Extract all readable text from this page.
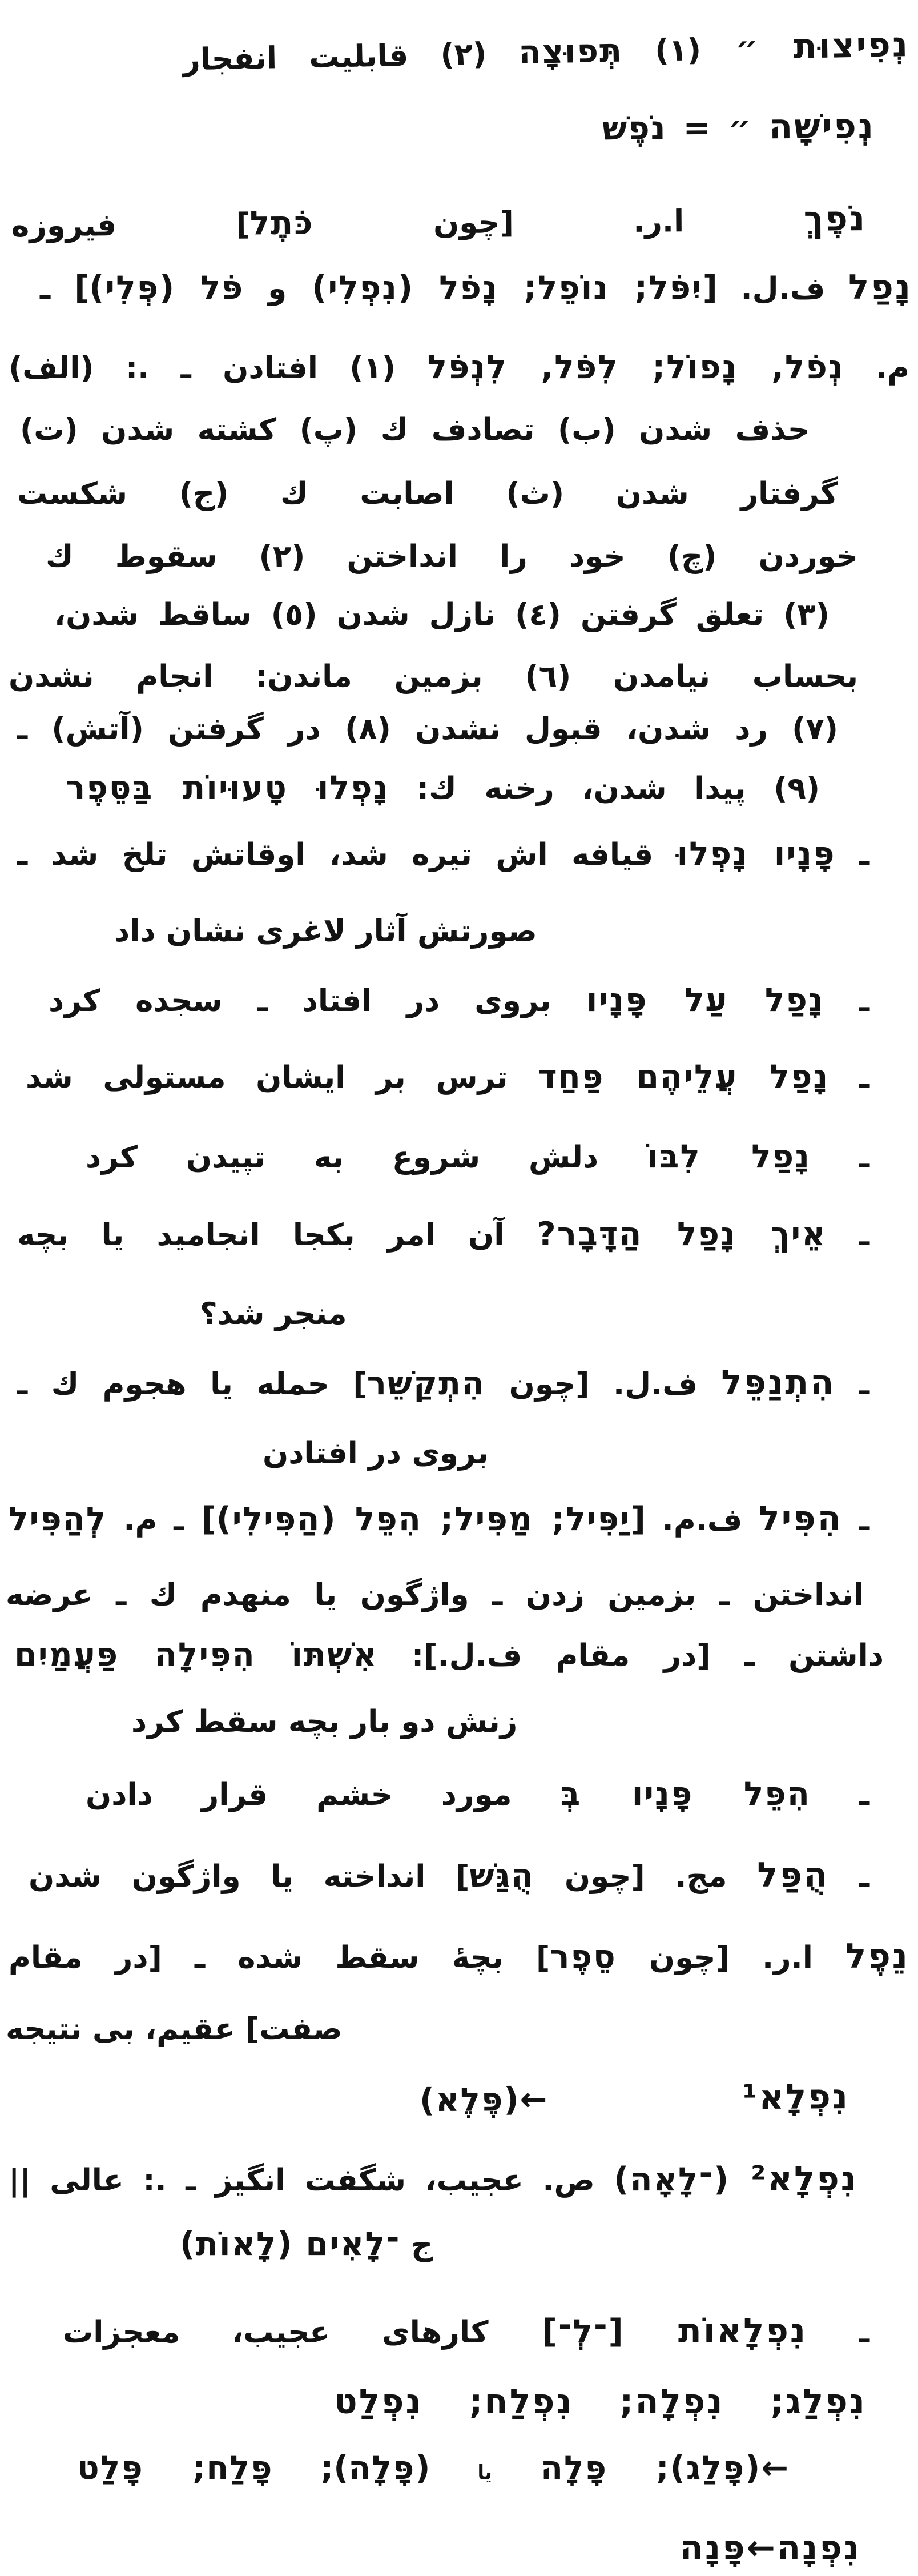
נְפִיצוּת ״ (١) תְּפוּצָה (٢) قابليت انفجار
נְפִישָׁה ״ = נֹפֶשׁ
נֹפֶךְ ا.ر. [چون כֹּתֶל] فيروزه
נָפַל ف.ل. [יִפֹּל; נוֹפֵל; נָפֹל (נִפְלִי) و פֹּל (פְּלִי)] ـ
م. נְפֹל, נָפוֹל; לִפֹּל, לִנְפֹּל (١) افتادن ـ .: (الف)
حذف شدن (ب) تصادف ك (پ) كشته شدن (ت)
گرفتار شدن (ث) اصابت ك (ج) شكست
خوردن (چ) خود را انداختن (٢) سقوط ك
(٣) تعلق گرفتن (٤) نازل شدن (٥) ساقط شدن،
بحساب نيامدن (٦) بزمين ماندن: انجام نشدن
(٧) رد شدن، قبول نشدن (٨) در گرفتن (آتش) ـ
(٩) پيدا شدن، رخنه ك: נָפְלוּ טָעוּיוֹת בַּסֵּפֶר
ـ פָּנָיו נָפְלוּ قيافه اش تيره شد، اوقاتش تلخ شد ـ
صورتش آثار لاغرى نشان داد
ـ נָפַל עַל פָּנָיו بروى در افتاد ـ سجده كرد
ـ נָפַל עֲלֵיהֶם פַּחַד ترس بر ايشان مستولى شد
ـ נָפַל לִבּוֹ دلش شروع به تپيدن كرد
ـ אֵיךְ נָפַל הַדָּבָר? آن امر بكجا انجاميد يا بچه
منجر شد؟
ـ הִתְנַפֵּל ف.ل. [چون הִתְקַשֵּׁר] حمله يا هجوم ك ـ
بروى در افتادن
ـ הִפִּיל ف.م. [יַפִּיל; מַפִּיל; הִפֵּל (הַפִּילִי)] ـ م. לְהַפִּיל
انداختن ـ بزمين زدن ـ واژگون يا منهدم ك ـ عرضه
داشتن ـ [در مقام ف.ل.]: אִשְׁתּוֹ הִפִּילָה פַּעֲמַיִם
زنش دو بار بچه سقط كرد
ـ הִפֵּל פָּנָיו בְּ مورد خشم قرار دادن
ـ הֻפַּל مج. [چون הֻגַּשׁ] انداخته يا واژگون شدن
נֵפֶל ا.ر. [چون סֵפֶר] بچهٔ سقط شده ـ [در مقام
صفت] عقيم، بى نتيجه
נִפְלָא¹ ←(פֶּלֶא)
נִפְלָא² (־לָאָה) ص. عجيب، شگفت انگيز ـ .: عالى ||
ج ־לָאִים (לָאוֹת)
ـ נִפְלָאוֹת [־לְ־] كارهاى عجيب، معجزات
נִפְלַג; נִפְלָה; נִפְלַח; נִפְלַט
←(פָּלַג); פָּלָה يا (פָּלָה); פָּלַח; פָּלַט
נִפְנָה←פָּנָה
